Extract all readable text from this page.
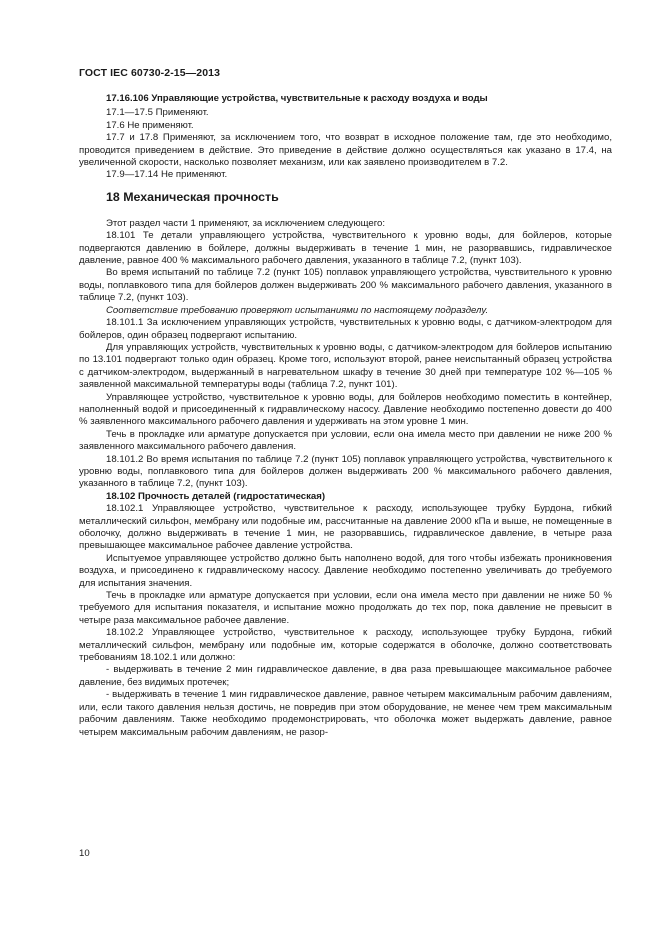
ГОСТ IEC 60730-2-15—2013

17.16.106 Управляющие устройства, чувствительные к расходу воздуха и воды

17.1—17.5 Применяют.

17.6 Не применяют.

17.7 и 17.8 Применяют, за исключением того, что возврат в исходное положение там, где это необходимо, проводится приведением в действие. Это приведение в действие должно осуществляться как указано в 17.4, на увеличенной скорости, насколько позволяет механизм, или как заявлено производителем в 7.2.

17.9—17.14 Не применяют.

18 Механическая прочность

Этот раздел части 1 применяют, за исключением следующего:

18.101 Те детали управляющего устройства, чувствительного к уровню воды, для бойлеров, которые подвергаются давлению в бойлере, должны выдерживать в течение 1 мин, не разорвавшись, гидравлическое давление, равное 400 % максимального рабочего давления, указанного в таблице 7.2, (пункт 103).

Во время испытаний по таблице 7.2 (пункт 105) поплавок управляющего устройства, чувствительного к уровню воды, поплавкового типа для бойлеров должен выдерживать 200 % максимального рабочего давления, указанного в таблице 7.2, (пункт 103).

Соответствие требованию проверяют испытаниями по настоящему подразделу.

18.101.1 За исключением управляющих устройств, чувствительных к уровню воды, с датчиком-электродом для бойлеров, один образец подвергают испытанию.

Для управляющих устройств, чувствительных к уровню воды, с датчиком-электродом для бойлеров испытанию по 13.101 подвергают только один образец. Кроме того, используют второй, ранее неиспытанный образец устройства с датчиком-электродом, выдержанный в нагревательном шкафу в течение 30 дней при температуре 102 %—105 % заявленной максимальной температуры воды (таблица 7.2, пункт 101).

Управляющее устройство, чувствительное к уровню воды, для бойлеров необходимо поместить в контейнер, наполненный водой и присоединенный к гидравлическому насосу. Давление необходимо постепенно довести до 400 % заявленного максимального рабочего давления и удерживать на этом уровне 1 мин.

Течь в прокладке или арматуре допускается при условии, если она имела место при давлении не ниже 200 % заявленного максимального рабочего давления.

18.101.2 Во время испытания по таблице 7.2 (пункт 105) поплавок управляющего устройства, чувствительного к уровню воды, поплавкового типа для бойлеров должен выдерживать 200 % максимального рабочего давления, указанного в таблице 7.2, (пункт 103).

18.102 Прочность деталей (гидростатическая)

18.102.1 Управляющее устройство, чувствительное к расходу, использующее трубку Бурдона, гибкий металлический сильфон, мембрану или подобные им, рассчитанные на давление 2000 кПа и выше, не помещенные в оболочку, должно выдерживать в течение 1 мин, не разорвавшись, гидравлическое давление, в четыре раза превышающее максимальное рабочее давление устройства.

Испытуемое управляющее устройство должно быть наполнено водой, для того чтобы избежать проникновения воздуха, и присоединено к гидравлическому насосу. Давление необходимо постепенно увеличивать до требуемого для испытания значения.

Течь в прокладке или арматуре допускается при условии, если она имела место при давлении не ниже 50 % требуемого для испытания показателя, и испытание можно продолжать до тех пор, пока давление не превысит в четыре раза максимальное рабочее давление.

18.102.2 Управляющее устройство, чувствительное к расходу, использующее трубку Бурдона, гибкий металлический сильфон, мембрану или подобные им, которые содержатся в оболочке, должно соответствовать требованиям 18.102.1 или должно:

- выдерживать в течение 2 мин гидравлическое давление, в два раза превышающее максимальное рабочее давление, без видимых протечек;

- выдерживать в течение 1 мин гидравлическое давление, равное четырем максимальным рабочим давлениям, или, если такого давления нельзя достичь, не повредив при этом оборудование, не менее чем трем максимальным рабочим давлениям. Также необходимо продемонстрировать, что оболочка может выдержать давление, равное четырем максимальным рабочим давлениям, не разор-

10
